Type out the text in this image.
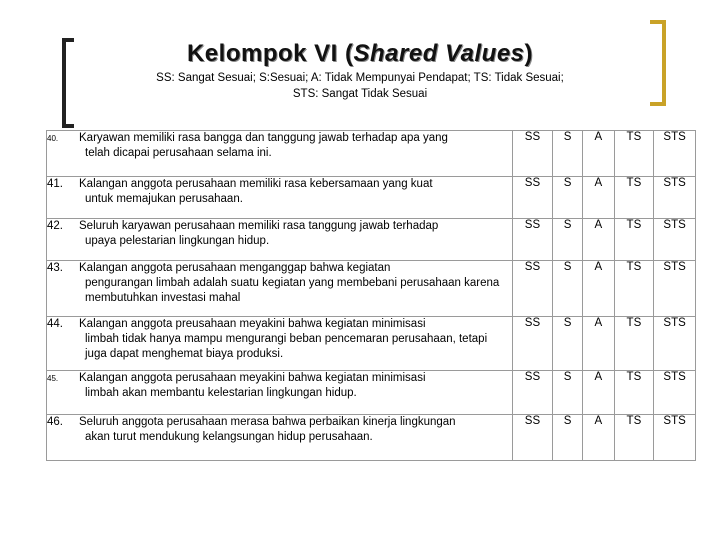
Kelompok VI (Shared Values)
SS: Sangat Sesuai; S:Sesuai; A: Tidak Mempunyai Pendapat; TS: Tidak Sesuai;
STS: Sangat Tidak Sesuai
40. Karyawan memiliki rasa bangga dan tanggung jawab terhadap apa yang
telah dicapai perusahaan selama ini.	SS	S	A	TS	STS

41. Kalangan anggota perusahaan memiliki rasa kebersamaan yang kuat
untuk memajukan perusahaan.	SS	S	A	TS	STS

42. Seluruh karyawan perusahaan memiliki rasa tanggung jawab terhadap
upaya pelestarian lingkungan hidup.	SS	S	A	TS	STS

43. Kalangan anggota perusahaan menganggap bahwa kegiatan
pengurangan limbah adalah suatu kegiatan yang membebani perusahaan karena membutuhkan investasi mahal	SS	S	A	TS	STS

44. Kalangan anggota preusahaan meyakini bahwa kegiatan minimisasi
limbah tidak hanya mampu mengurangi beban pencemaran perusahaan, tetapi juga dapat menghemat biaya produksi.	SS	S	A	TS	STS

45. Kalangan anggota perusahaan meyakini bahwa kegiatan minimisasi
limbah akan membantu kelestarian lingkungan hidup.	SS	S	A	TS	STS

46. Seluruh anggota perusahaan merasa bahwa perbaikan kinerja lingkungan
akan turut mendukung kelangsungan hidup perusahaan.	SS	S	A	TS	STS
